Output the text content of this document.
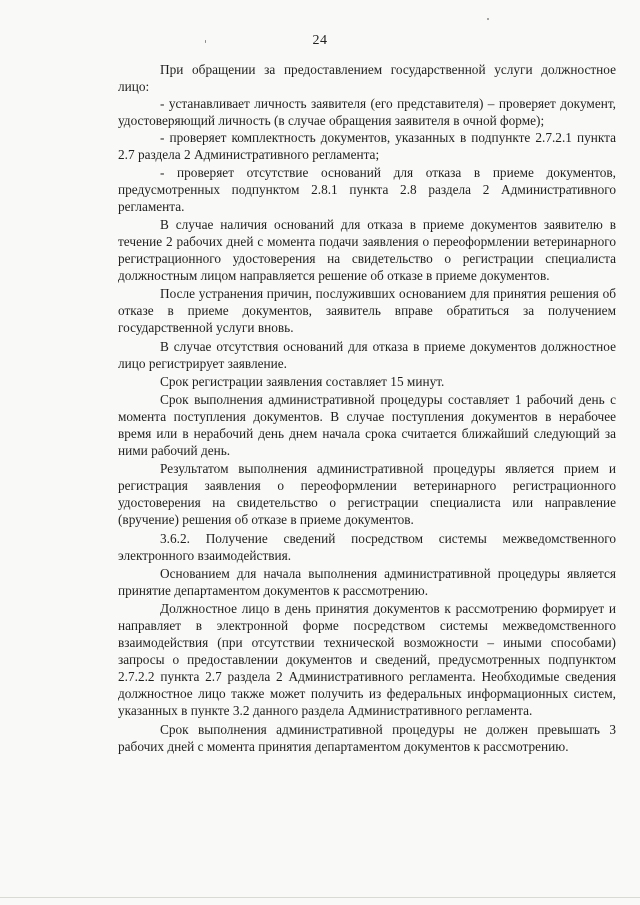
24

При обращении за предоставлением государственной услуги должностное лицо:

- устанавливает личность заявителя (его представителя) – проверяет документ, удостоверяющий личность (в случае обращения заявителя в очной форме);

- проверяет комплектность документов, указанных в подпункте 2.7.2.1 пункта 2.7 раздела 2 Административного регламента;

- проверяет отсутствие оснований для отказа в приеме документов, предусмотренных подпунктом 2.8.1 пункта 2.8 раздела 2 Административного регламента.

В случае наличия оснований для отказа в приеме документов заявителю в течение 2 рабочих дней с момента подачи заявления о переоформлении ветеринарного регистрационного удостоверения на свидетельство о регистрации специалиста должностным лицом направляется решение об отказе в приеме документов.

После устранения причин, послуживших основанием для принятия решения об отказе в приеме документов, заявитель вправе обратиться за получением государственной услуги вновь.

В случае отсутствия оснований для отказа в приеме документов должностное лицо регистрирует заявление.

Срок регистрации заявления составляет 15 минут.

Срок выполнения административной процедуры составляет 1 рабочий день с момента поступления документов. В случае поступления документов в нерабочее время или в нерабочий день днем начала срока считается ближайший следующий за ними рабочий день.

Результатом выполнения административной процедуры является прием и регистрация заявления о переоформлении ветеринарного регистрационного удостоверения на свидетельство о регистрации специалиста или направление (вручение) решения об отказе в приеме документов.

3.6.2. Получение сведений посредством системы межведомственного электронного взаимодействия.

Основанием для начала выполнения административной процедуры является принятие департаментом документов к рассмотрению.

Должностное лицо в день принятия документов к рассмотрению формирует и направляет в электронной форме посредством системы межведомственного взаимодействия (при отсутствии технической возможности – иными способами) запросы о предоставлении документов и сведений, предусмотренных подпунктом 2.7.2.2 пункта 2.7 раздела 2 Административного регламента. Необходимые сведения должностное лицо также может получить из федеральных информационных систем, указанных в пункте 3.2 данного раздела Административного регламента.

Срок выполнения административной процедуры не должен превышать 3 рабочих дней с момента принятия департаментом документов к рассмотрению.
